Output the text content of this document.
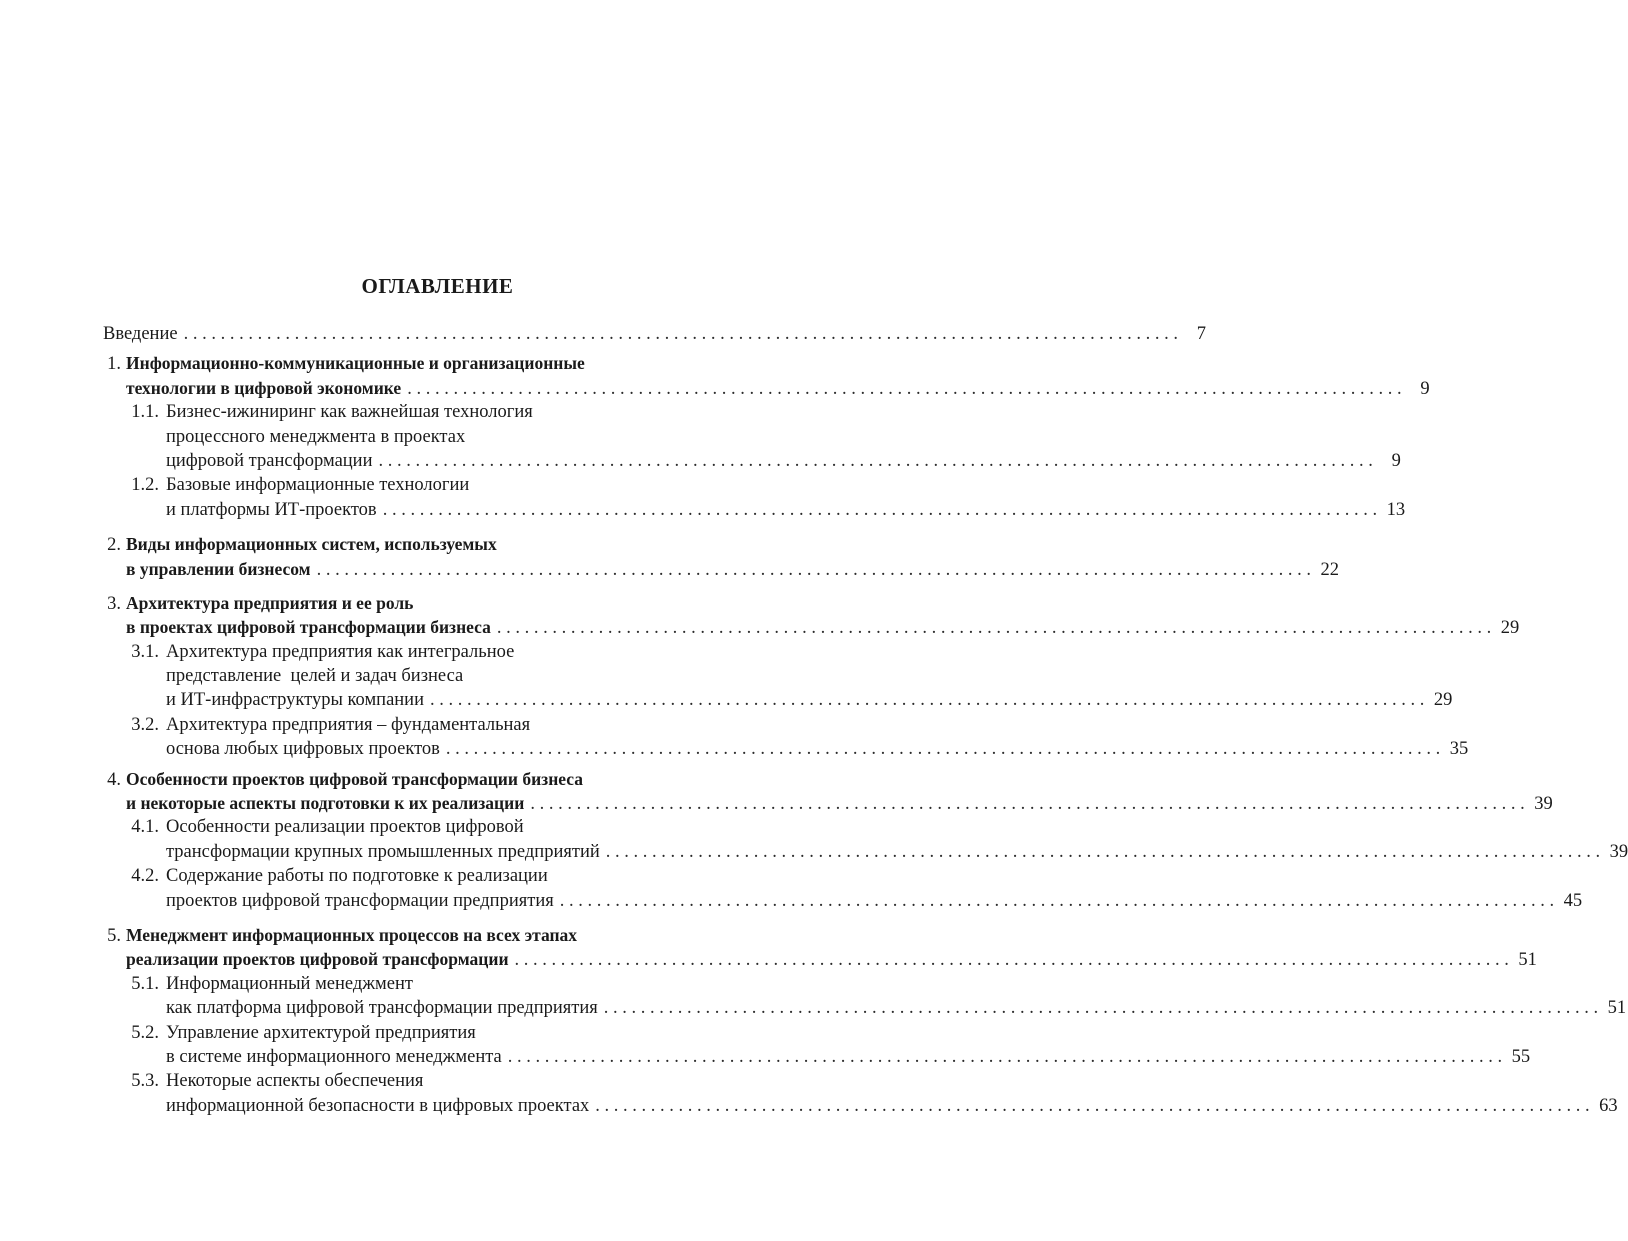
ОГЛАВЛЕНИЕ
Введение . . .	7
1. Информационно-коммуникационные и организационные
технологии в цифровой экономике . . .	9
1.1. Бизнес-ижиниринг как важнейшая технология
процессного менеджмента в проектах
цифровой трансформации . . .	9
1.2. Базовые информационные технологии
и платформы ИТ-проектов . . .	13
2. Виды информационных систем, используемых
в управлении бизнесом . . .	22
3. Архитектура предприятия и ее роль
в проектах цифровой трансформации бизнеса . . .	29
3.1. Архитектура предприятия как интегральное
представление  целей и задач бизнеса
и ИТ-инфраструктуры компании . . .	29
3.2. Архитектура предприятия – фундаментальная
основа любых цифровых проектов . . .	35
4. Особенности проектов цифровой трансформации бизнеса
и некоторые аспекты подготовки к их реализации . . .	39
4.1. Особенности реализации проектов цифровой
трансформации крупных промышленных предприятий . . .	39
4.2. Содержание работы по подготовке к реализации
проектов цифровой трансформации предприятия . . .	45
5. Менеджмент информационных процессов на всех этапах
реализации проектов цифровой трансформации . . .	51
5.1. Информационный менеджмент
как платформа цифровой трансформации предприятия . . .	51
5.2. Управление архитектурой предприятия
в системе информационного менеджмента . . .	55
5.3. Некоторые аспекты обеспечения
информационной безопасности в цифровых проектах . . .	63
